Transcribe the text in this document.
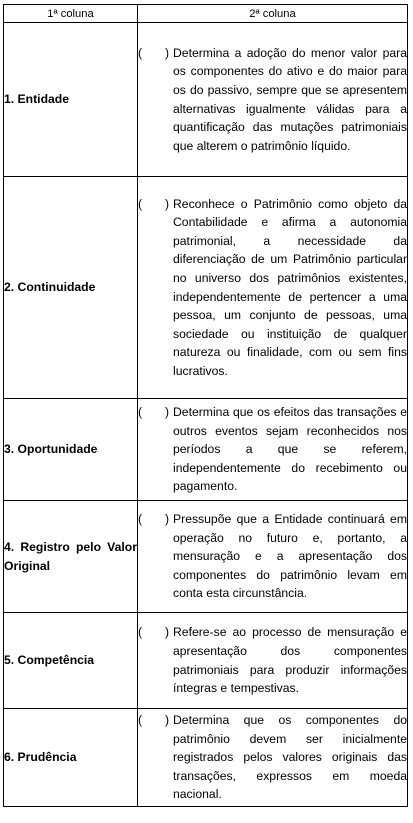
1ª coluna	2ª coluna

1. Entidade	( ) Determina a adoção do menor valor para os componentes do ativo e do maior para os do passivo, sempre que se apresentem alternativas igualmente válidas para a quantificação das mutações patrimoniais que alterem o patrimônio líquido.

2. Continuidade	( ) Reconhece o Patrimônio como objeto da Contabilidade e afirma a autonomia patrimonial, a necessidade da diferenciação de um Patrimônio particular no universo dos patrimônios existentes, independentemente de pertencer a uma pessoa, um conjunto de pessoas, uma sociedade ou instituição de qualquer natureza ou finalidade, com ou sem fins lucrativos.

3. Oportunidade	( ) Determina que os efeitos das transações e outros eventos sejam reconhecidos nos períodos a que se referem, independentemente do recebimento ou pagamento.

4. Registro pelo Valor Original	( ) Pressupõe que a Entidade continuará em operação no futuro e, portanto, a mensuração e a apresentação dos componentes do patrimônio levam em conta esta circunstância.

5. Competência	( ) Refere-se ao processo de mensuração e apresentação dos componentes patrimoniais para produzir informações íntegras e tempestivas.

6. Prudência	( ) Determina que os componentes do patrimônio devem ser inicialmente registrados pelos valores originais das transações, expressos em moeda nacional.
